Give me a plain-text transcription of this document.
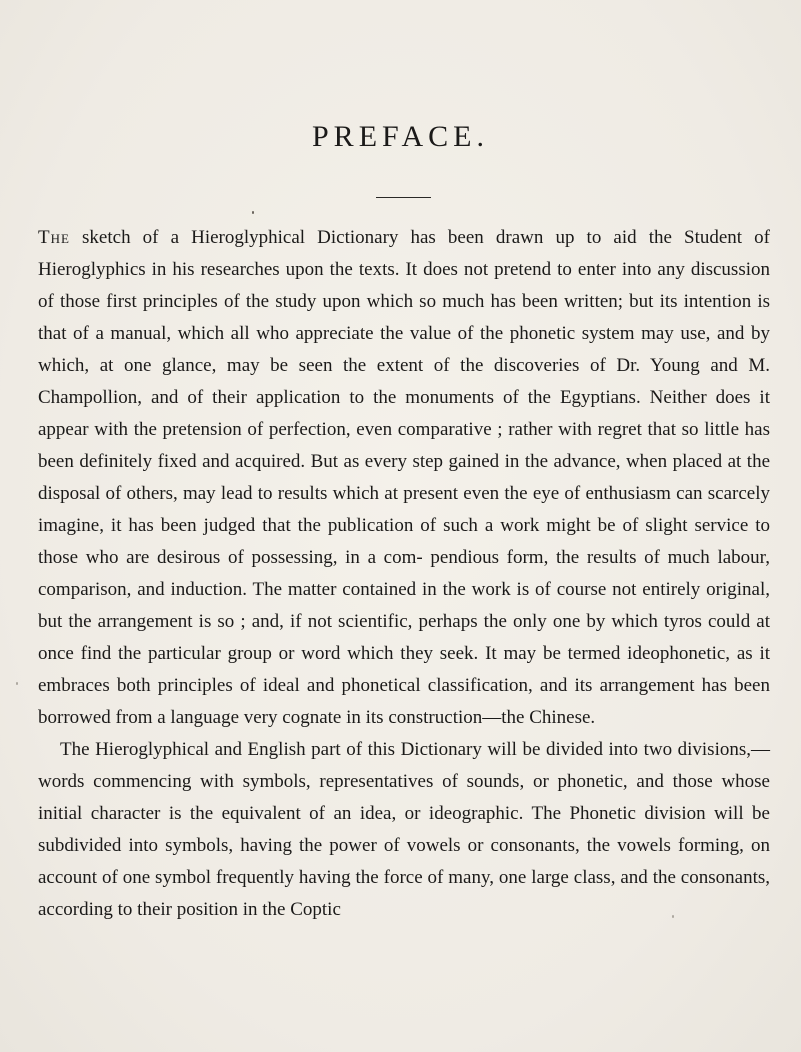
PREFACE.

The sketch of a Hieroglyphical Dictionary has been drawn up to aid the Student of Hieroglyphics in his researches upon the texts. It does not pretend to enter into any discussion of those first principles of the study upon which so much has been written; but its intention is that of a manual, which all who appreciate the value of the phonetic system may use, and by which, at one glance, may be seen the extent of the discoveries of Dr. Young and M. Champollion, and of their application to the monuments of the Egyptians. Neither does it appear with the pretension of perfection, even comparative ; rather with regret that so little has been definitely fixed and acquired. But as every step gained in the advance, when placed at the disposal of others, may lead to results which at present even the eye of enthusiasm can scarcely imagine, it has been judged that the publication of such a work might be of slight service to those who are desirous of possessing, in a com- pendious form, the results of much labour, comparison, and induction. The matter contained in the work is of course not entirely original, but the arrangement is so ; and, if not scientific, perhaps the only one by which tyros could at once find the particular group or word which they seek. It may be termed ideophonetic, as it embraces both principles of ideal and phonetical classification, and its arrangement has been borrowed from a language very cognate in its construction—the Chinese.

The Hieroglyphical and English part of this Dictionary will be divided into two divisions,—words commencing with symbols, representatives of sounds, or phonetic, and those whose initial character is the equivalent of an idea, or ideographic. The Phonetic division will be subdivided into symbols, having the power of vowels or consonants, the vowels forming, on account of one symbol frequently having the force of many, one large class, and the consonants, according to their position in the Coptic
